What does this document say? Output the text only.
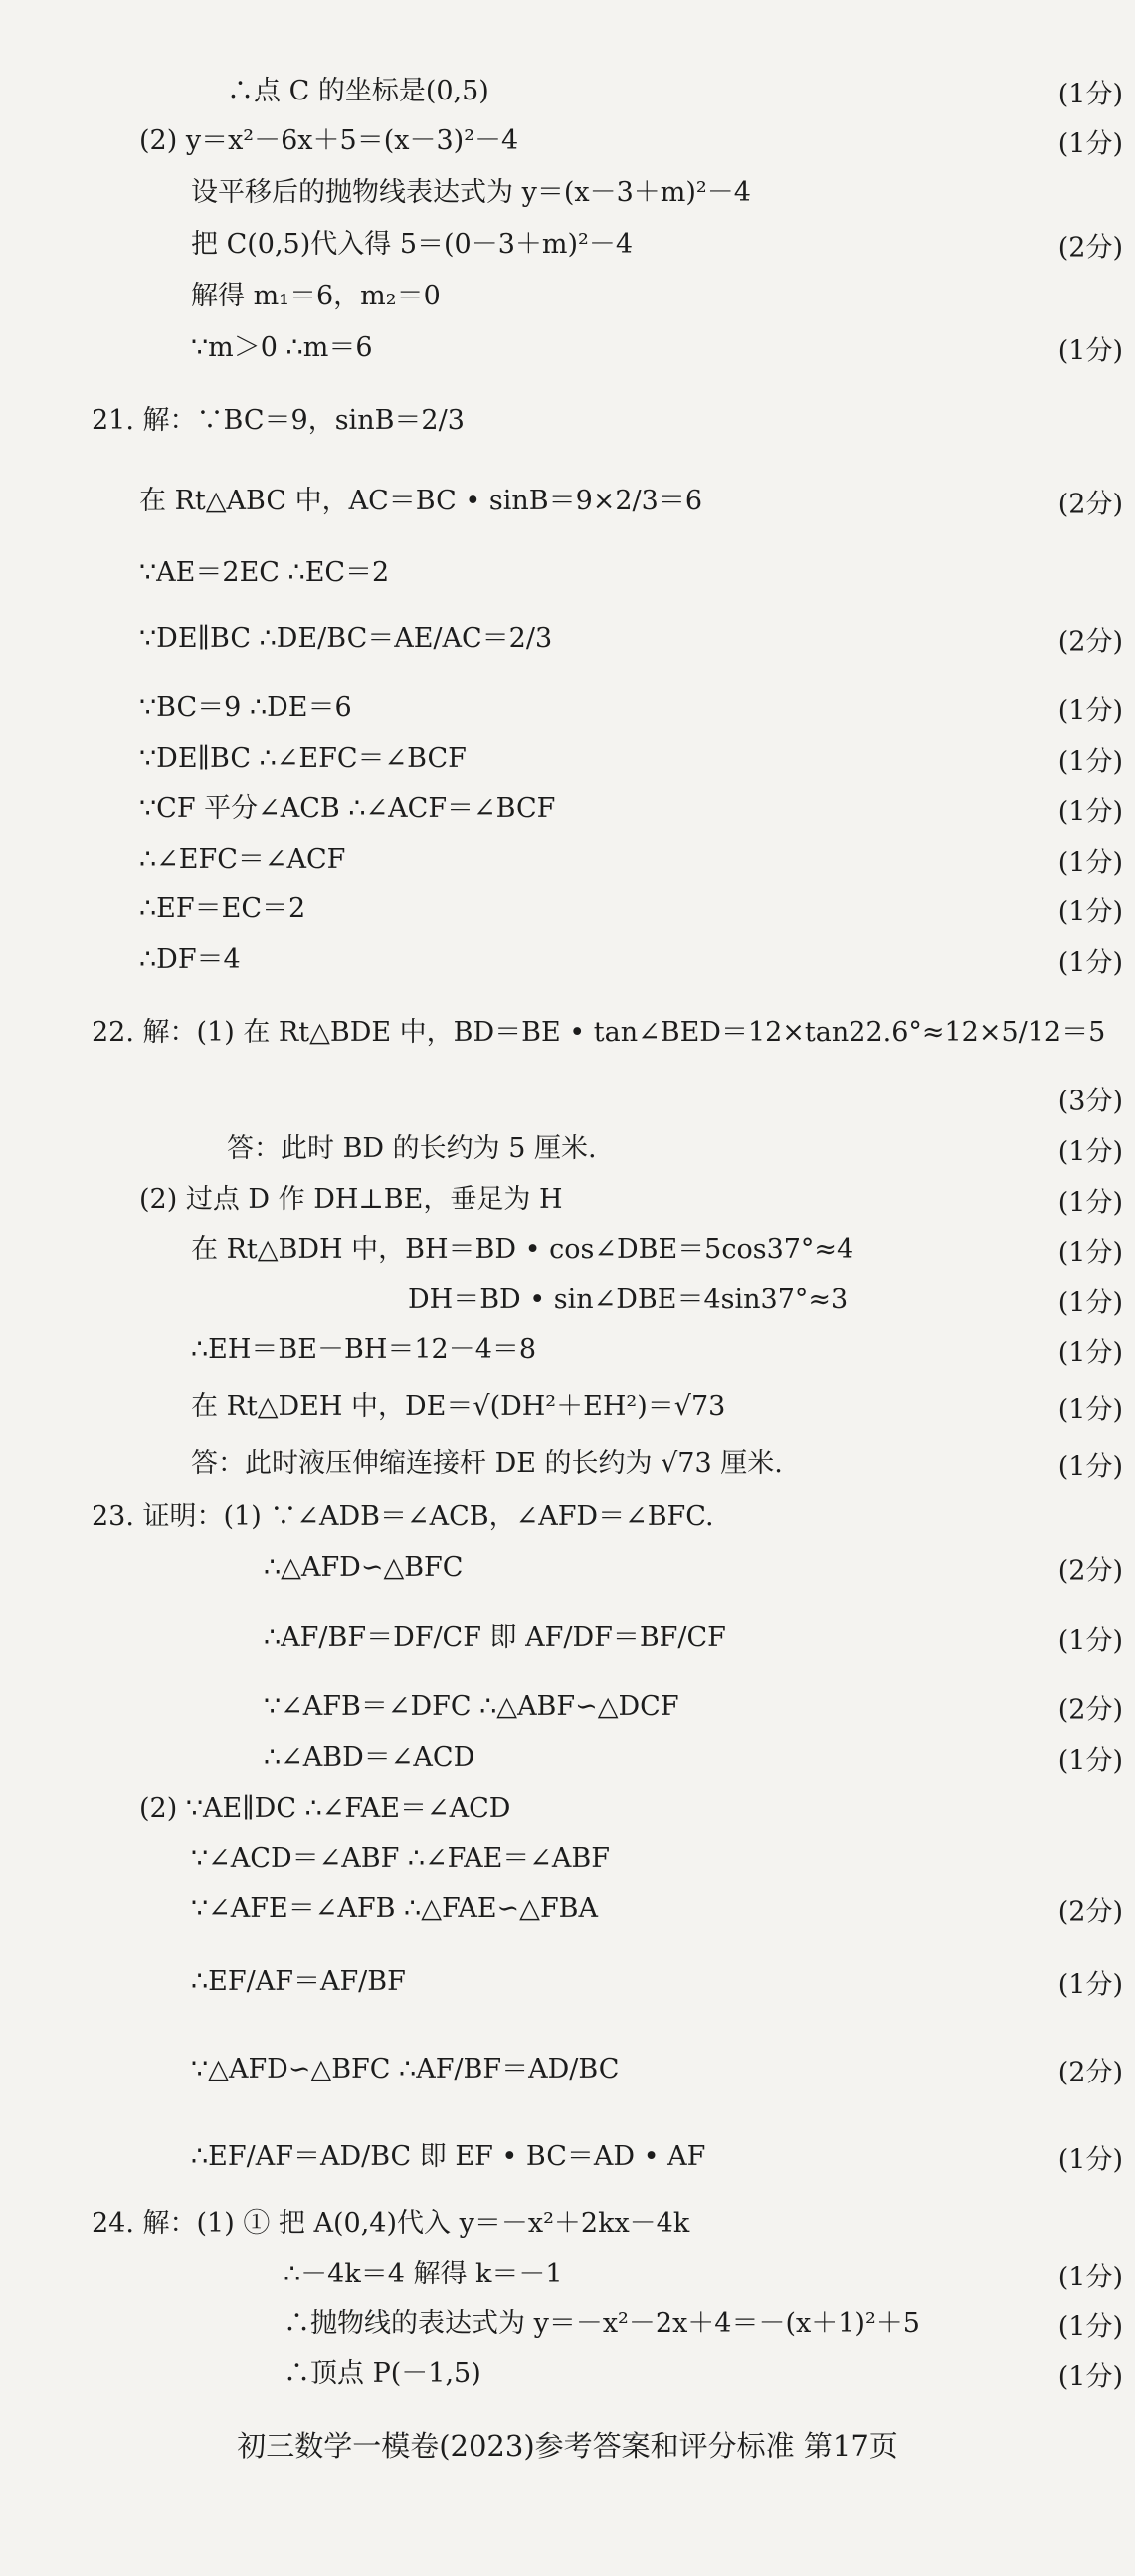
∴点 C 的坐标是(0,5)	(1分)
(2) y＝x²－6x＋5＝(x－3)²－4	(1分)
设平移后的抛物线表达式为 y＝(x－3＋m)²－4
把 C(0,5)代入得 5＝(0－3＋m)²－4	(2分)
解得 m₁＝6，m₂＝0
∵m＞0 ∴m＝6	(1分)
21. 解：∵BC＝9，sinB＝2/3
在 Rt△ABC 中，AC＝BC • sinB＝9×2/3＝6	(2分)
∵AE＝2EC ∴EC＝2
∵DE∥BC ∴DE/BC＝AE/AC＝2/3	(2分)
∵BC＝9 ∴DE＝6	(1分)
∵DE∥BC ∴∠EFC＝∠BCF	(1分)
∵CF 平分∠ACB ∴∠ACF＝∠BCF	(1分)
∴∠EFC＝∠ACF	(1分)
∴EF＝EC＝2	(1分)
∴DF＝4	(1分)
22. 解：(1) 在 Rt△BDE 中，BD＝BE • tan∠BED＝12×tan22.6°≈12×5/12＝5
(3分)
答：此时 BD 的长约为 5 厘米.	(1分)
(2) 过点 D 作 DH⊥BE，垂足为 H	(1分)
在 Rt△BDH 中，BH＝BD • cos∠DBE＝5cos37°≈4	(1分)
DH＝BD • sin∠DBE＝4sin37°≈3	(1分)
∴EH＝BE－BH＝12－4＝8	(1分)
在 Rt△DEH 中，DE＝√(DH²＋EH²)＝√73	(1分)
答：此时液压伸缩连接杆 DE 的长约为 √73 厘米.	(1分)
23. 证明：(1) ∵∠ADB＝∠ACB，∠AFD＝∠BFC.
∴△AFD∽△BFC	(2分)
∴AF/BF＝DF/CF 即 AF/DF＝BF/CF	(1分)
∵∠AFB＝∠DFC ∴△ABF∽△DCF	(2分)
∴∠ABD＝∠ACD	(1分)
(2) ∵AE∥DC ∴∠FAE＝∠ACD
∵∠ACD＝∠ABF ∴∠FAE＝∠ABF
∵∠AFE＝∠AFB ∴△FAE∽△FBA	(2分)
∴EF/AF＝AF/BF	(1分)
∵△AFD∽△BFC ∴AF/BF＝AD/BC	(2分)
∴EF/AF＝AD/BC 即 EF • BC＝AD • AF	(1分)
24. 解：(1) ① 把 A(0,4)代入 y＝－x²＋2kx－4k
∴－4k＝4 解得 k＝－1	(1分)
∴抛物线的表达式为 y＝－x²－2x＋4＝－(x＋1)²＋5	(1分)
∴顶点 P(－1,5)	(1分)
初三数学一模卷(2023)参考答案和评分标准 第17页
